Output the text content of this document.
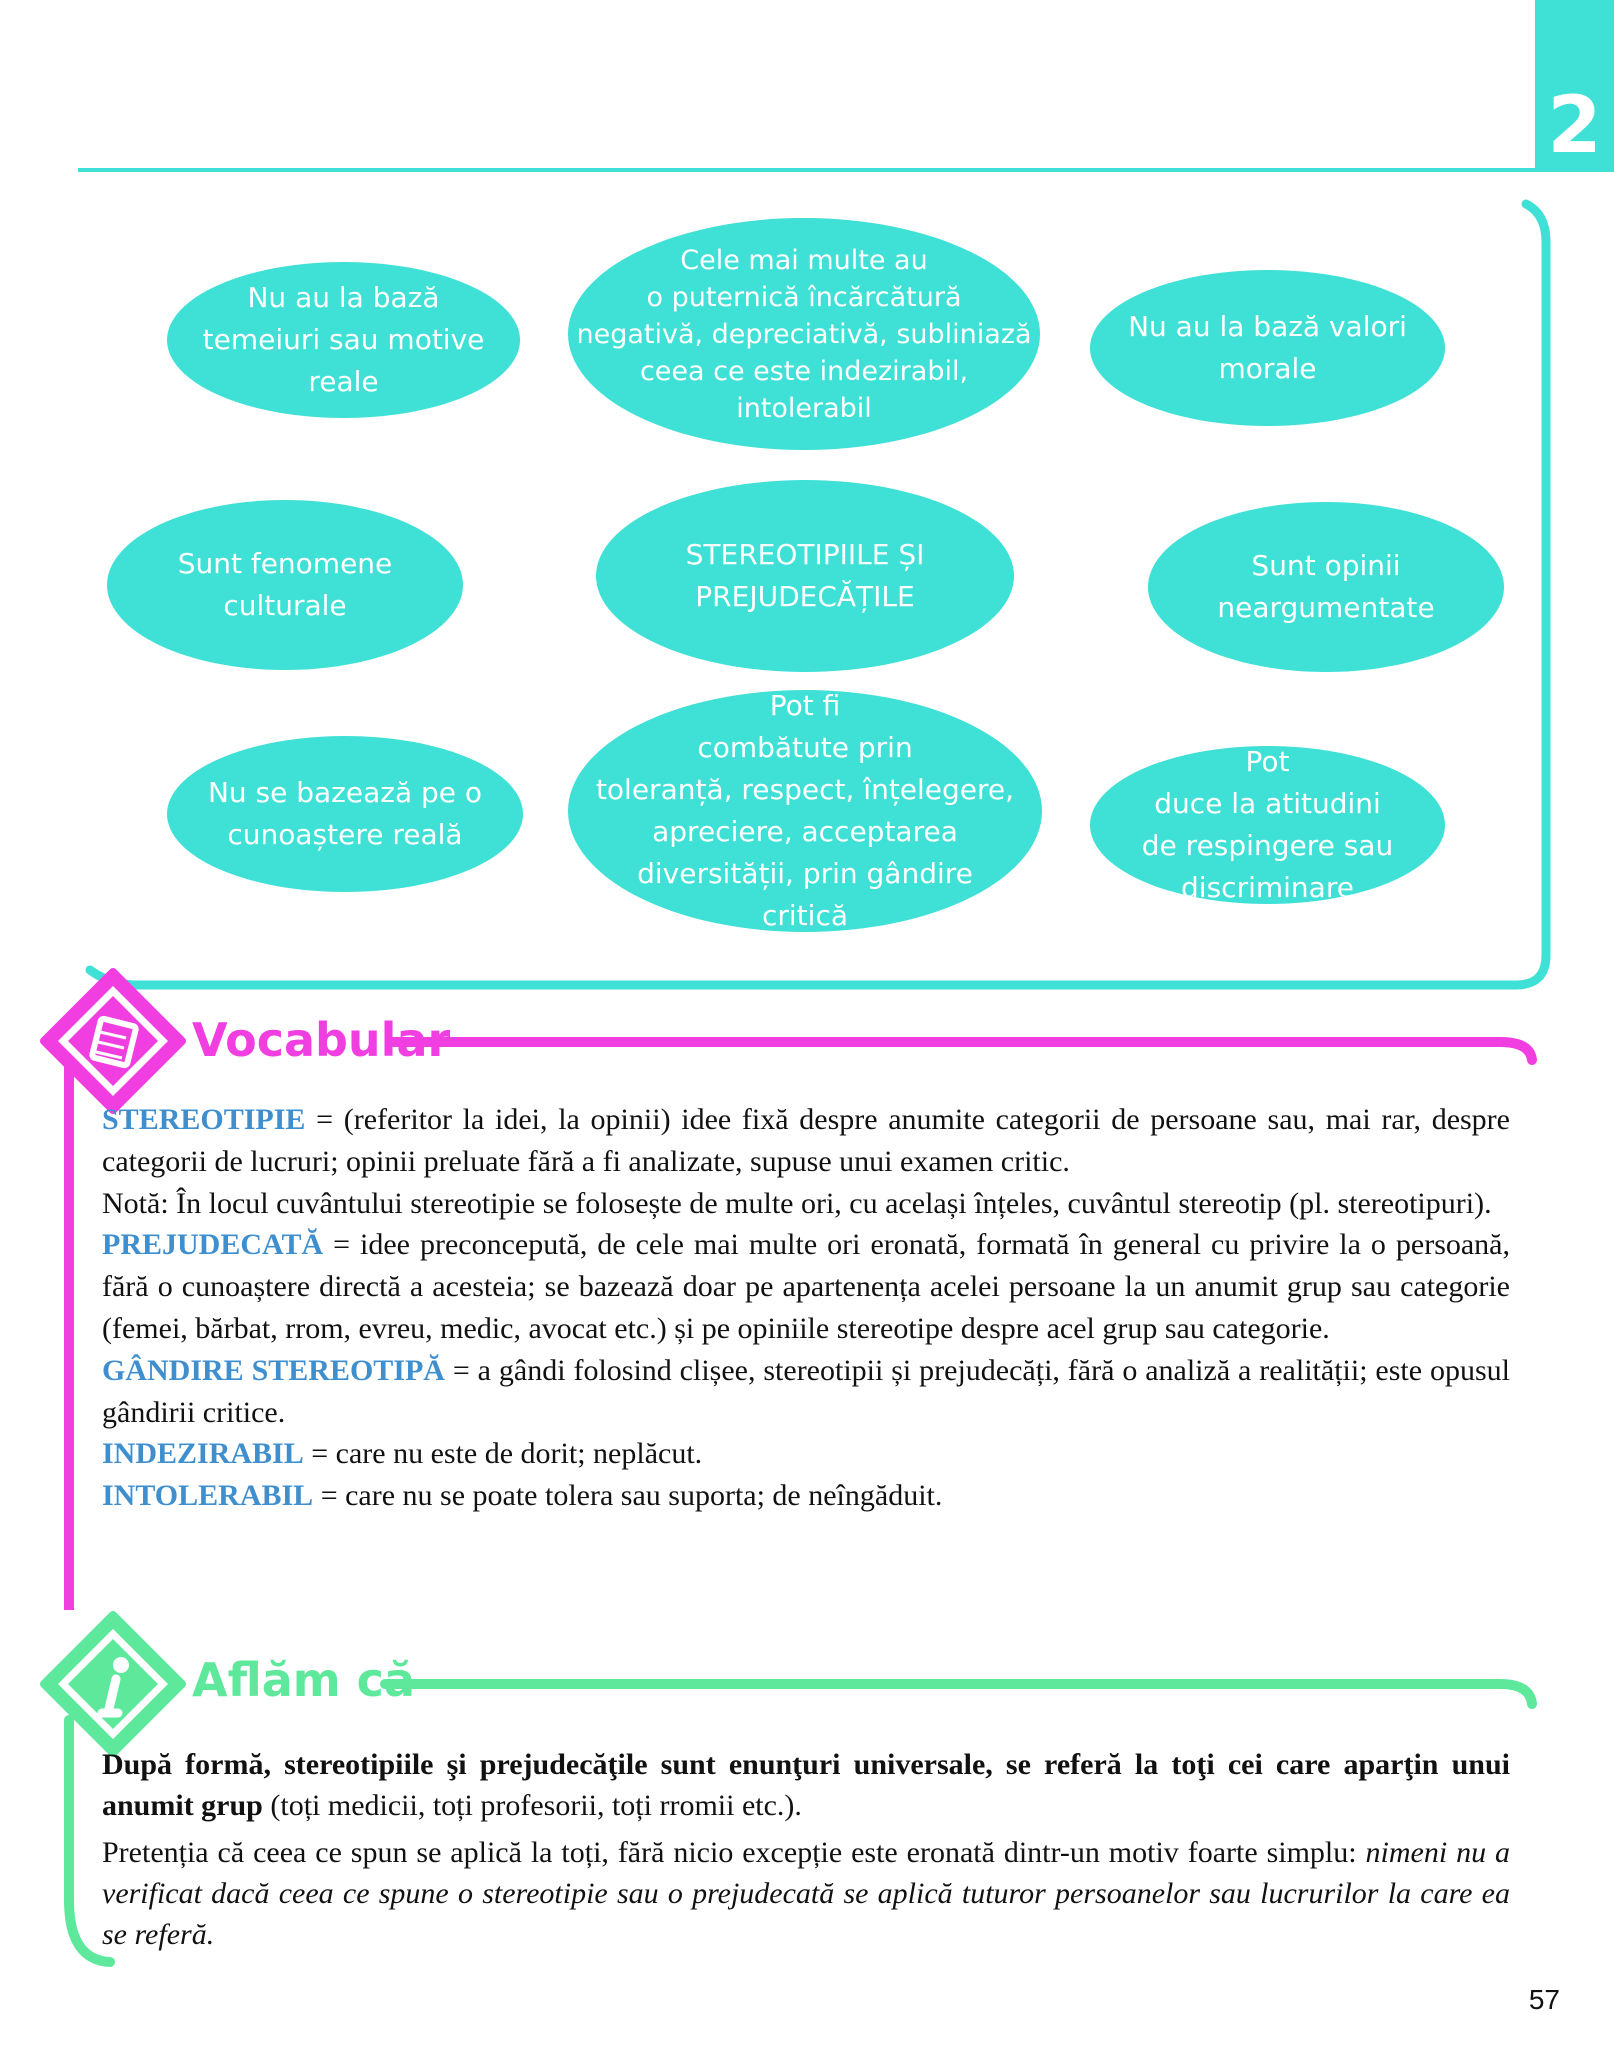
2
Nu au la bază
temeiuri sau motive
reale
Cele mai multe au
o puternică încărcătură
negativă, depreciativă, subliniază
ceea ce este indezirabil,
intolerabil
Nu au la bază valori
morale
Sunt fenomene
culturale
STEREOTIPIILE ȘI
PREJUDECĂȚILE
Sunt opinii
neargumentate
Nu se bazează pe o
cunoaștere reală
Pot fi
combătute prin
toleranță, respect, înțelegere,
apreciere, acceptarea
diversității, prin gândire
critică
Pot
duce la atitudini
de respingere sau
discriminare
Vocabular

STEREOTIPIE = (referitor la idei, la opinii) idee fixă despre anumite categorii de persoane sau, mai rar, despre categorii de lucruri; opinii preluate fără a fi analizate, supuse unui examen critic.

Notă: În locul cuvântului stereotipie se folosește de multe ori, cu același înțeles, cuvântul stereotip (pl. stereotipuri).

PREJUDECATĂ = idee preconcepută, de cele mai multe ori eronată, formată în general cu privire la o persoană, fără o cunoaștere directă a acesteia; se bazează doar pe apartenența acelei persoane la un anumit grup sau categorie (femei, bărbat, rrom, evreu, medic, avocat etc.) și pe opiniile stereotipe despre acel grup sau categorie.

GÂNDIRE STEREOTIPĂ = a gândi folosind clișee, stereotipii și prejudecăți, fără o analiză a realității; este opusul gândirii critice.

INDEZIRABIL = care nu este de dorit; neplăcut.

INTOLERABIL = care nu se poate tolera sau suporta; de neîngăduit.

Aflăm că

După formă, stereotipiile şi prejudecăţile sunt enunţuri universale, se referă la toţi cei care aparţin unui anumit grup (toți medicii, toți profesorii, toți rromii etc.).

Pretenția că ceea ce spun se aplică la toți, fără nicio excepție este eronată dintr-un motiv foarte simplu: nimeni nu a verificat dacă ceea ce spune o stereotipie sau o prejudecată se aplică tuturor persoanelor sau lucrurilor la care ea se referă.

57
